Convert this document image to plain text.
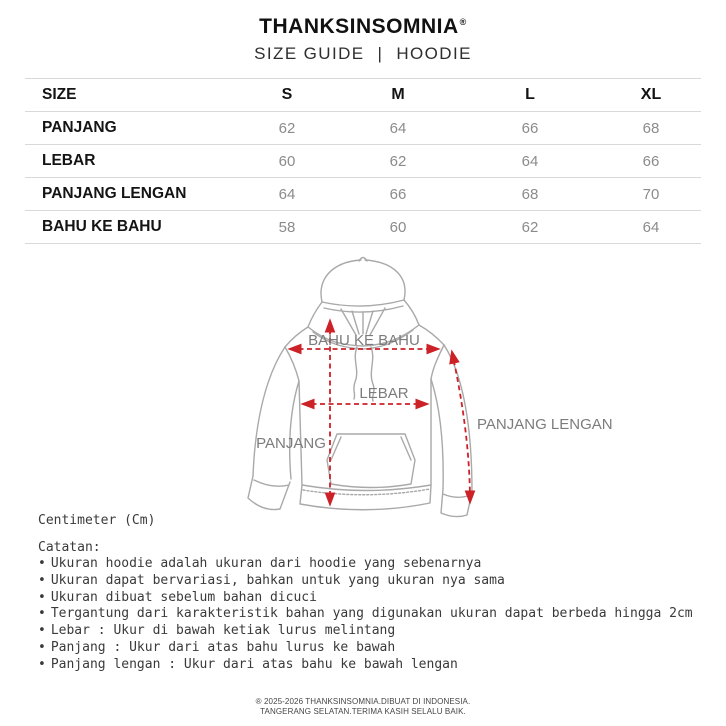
THANKSINSOMNIA®
SIZE GUIDE | HOODIE
SIZE	S	M	L	XL
PANJANG	62	64	66	68
LEBAR	60	62	64	66
PANJANG LENGAN	64	66	68	70
BAHU KE BAHU	58	60	62	64
BAHU KE BAHU
LEBAR
PANJANG
PANJANG LENGAN
Centimeter (Cm)
Catatan:
• Ukuran hoodie adalah ukuran dari hoodie yang sebenarnya
• Ukuran dapat bervariasi, bahkan untuk yang ukuran nya sama
• Ukuran dibuat sebelum bahan dicuci
• Tergantung dari karakteristik bahan yang digunakan ukuran dapat berbeda hingga 2cm
• Lebar : Ukur di bawah ketiak lurus melintang
• Panjang : Ukur dari atas bahu lurus ke bawah
• Panjang lengan : Ukur dari atas bahu ke bawah lengan
® 2025-2026 THANKSINSOMNIA.DIBUAT DI INDONESIA.
TANGERANG SELATAN.TERIMA KASIH SELALU BAIK.
